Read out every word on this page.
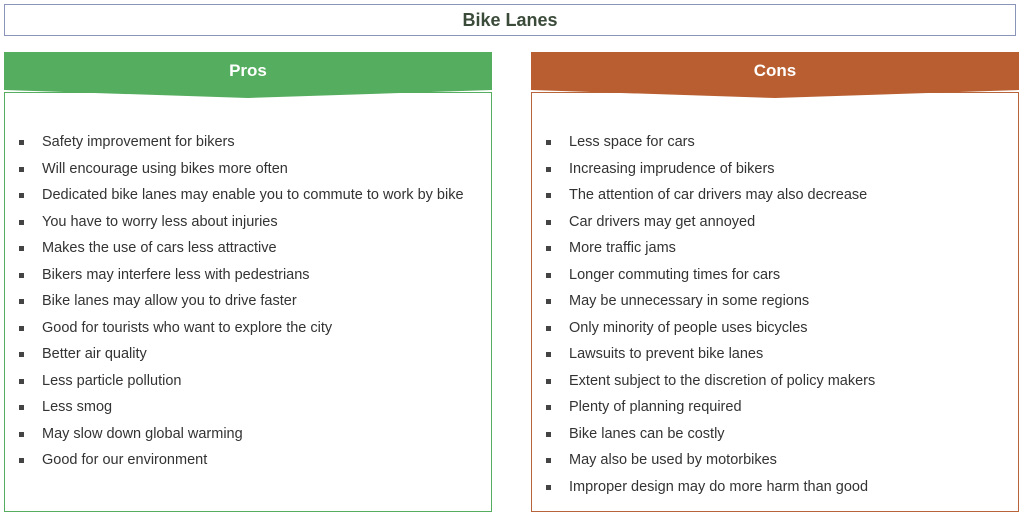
Bike Lanes
Safety improvement for bikers
Will encourage using bikes more often
Dedicated bike lanes may enable you to commute to work by bike
You have to worry less about injuries
Makes the use of cars less attractive
Bikers may interfere less with pedestrians
Bike lanes may allow you to drive faster
Good for tourists who want to explore the city
Better air quality
Less particle pollution
Less smog
May slow down global warming
Good for our environment
Pros
Less space for cars
Increasing imprudence of bikers
The attention of car drivers may also decrease
Car drivers may get annoyed
More traffic jams
Longer commuting times for cars
May be unnecessary in some regions
Only minority of people uses bicycles
Lawsuits to prevent bike lanes
Extent subject to the discretion of policy makers
Plenty of planning required
Bike lanes can be costly
May also be used by motorbikes
Improper design may do more harm than good
Cons
